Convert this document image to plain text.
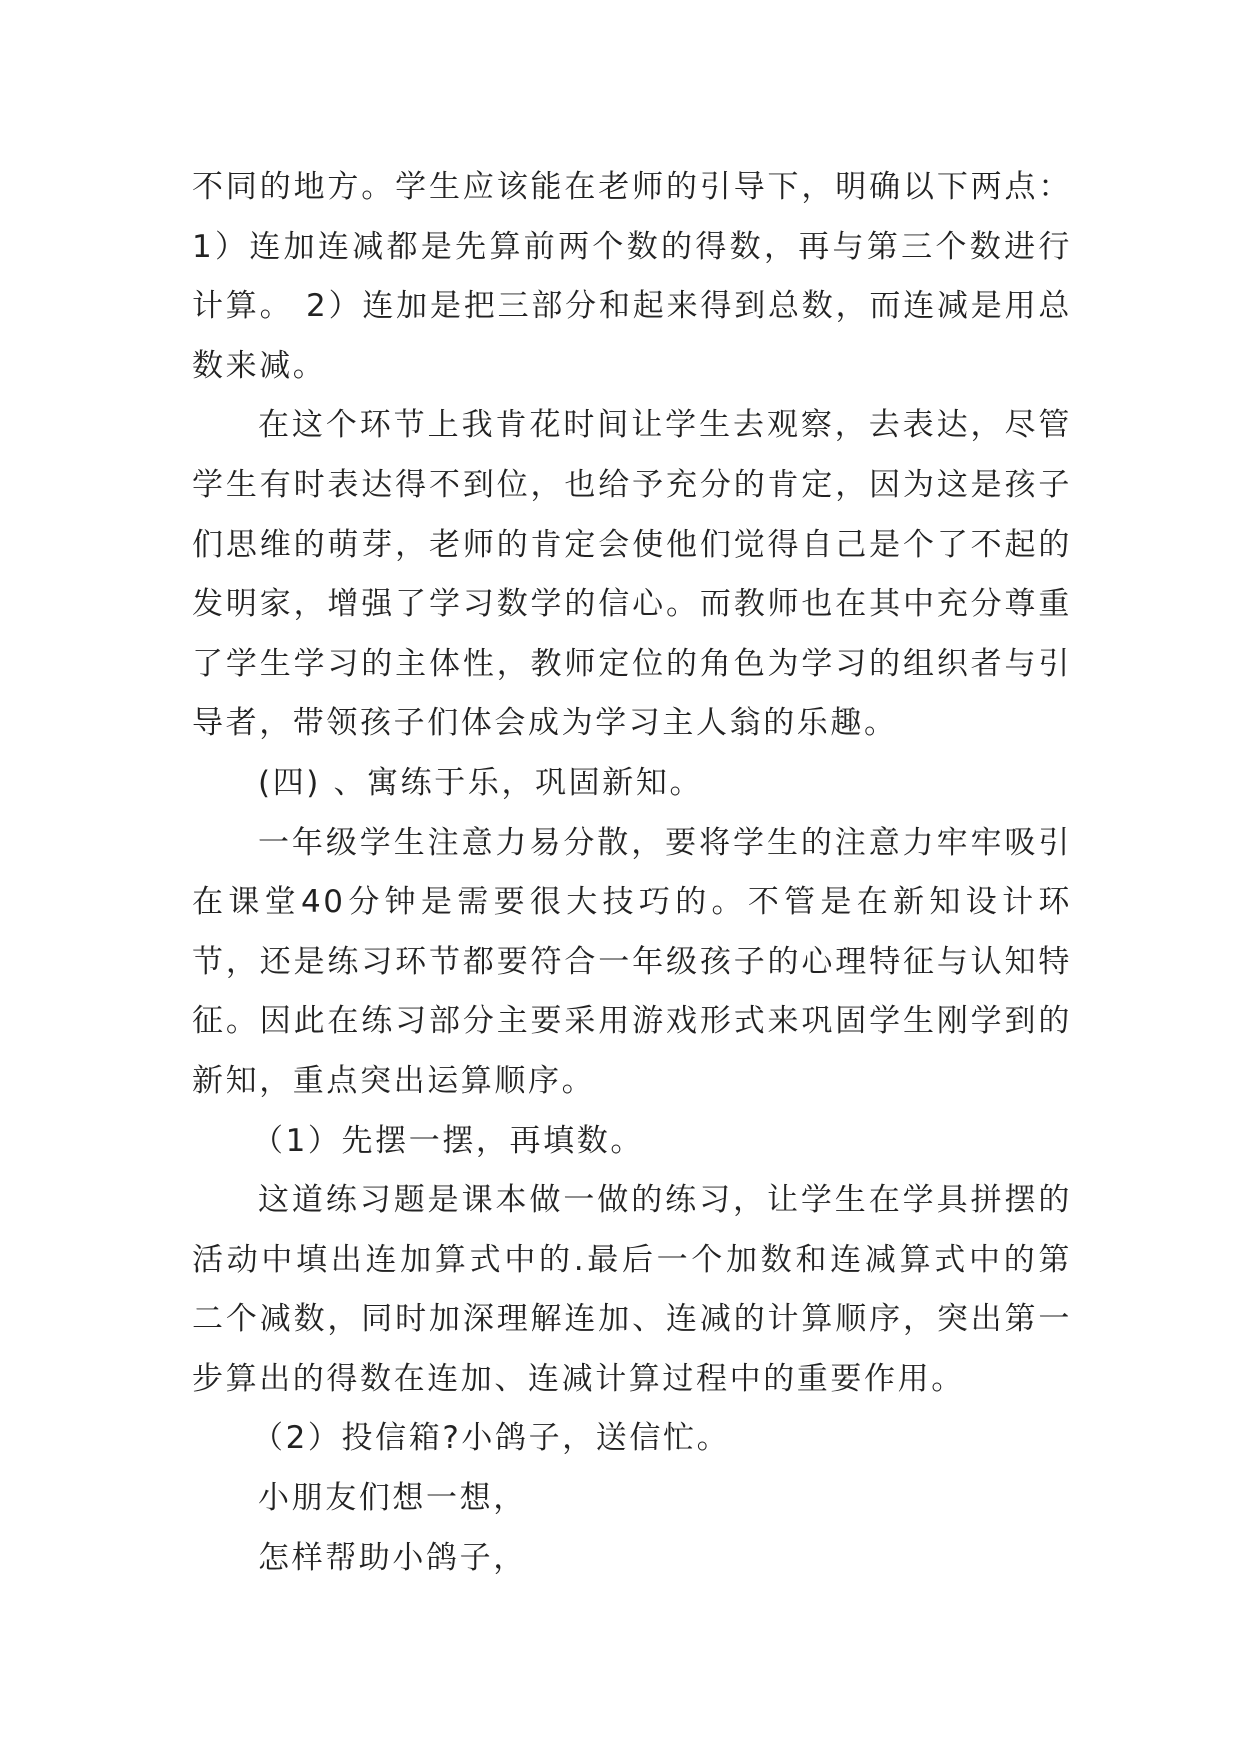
不同的地方。学生应该能在老师的引导下，明确以下两点：1）连加连减都是先算前两个数的得数，再与第三个数进行计算。 2）连加是把三部分和起来得到总数，而连减是用总数来减。

在这个环节上我肯花时间让学生去观察，去表达，尽管学生有时表达得不到位，也给予充分的肯定，因为这是孩子们思维的萌芽，老师的肯定会使他们觉得自己是个了不起的发明家，增强了学习数学的信心。而教师也在其中充分尊重了学生学习的主体性，教师定位的角色为学习的组织者与引导者，带领孩子们体会成为学习主人翁的乐趣。

(四) 、寓练于乐，巩固新知。

一年级学生注意力易分散，要将学生的注意力牢牢吸引在课堂40分钟是需要很大技巧的。不管是在新知设计环节，还是练习环节都要符合一年级孩子的心理特征与认知特征。因此在练习部分主要采用游戏形式来巩固学生刚学到的新知，重点突出运算顺序。

（1）先摆一摆，再填数。

这道练习题是课本做一做的练习，让学生在学具拼摆的活动中填出连加算式中的.最后一个加数和连减算式中的第二个减数，同时加深理解连加、连减的计算顺序，突出第一步算出的得数在连加、连减计算过程中的重要作用。

（2）投信箱?小鸽子，送信忙。

小朋友们想一想，

怎样帮助小鸽子，
